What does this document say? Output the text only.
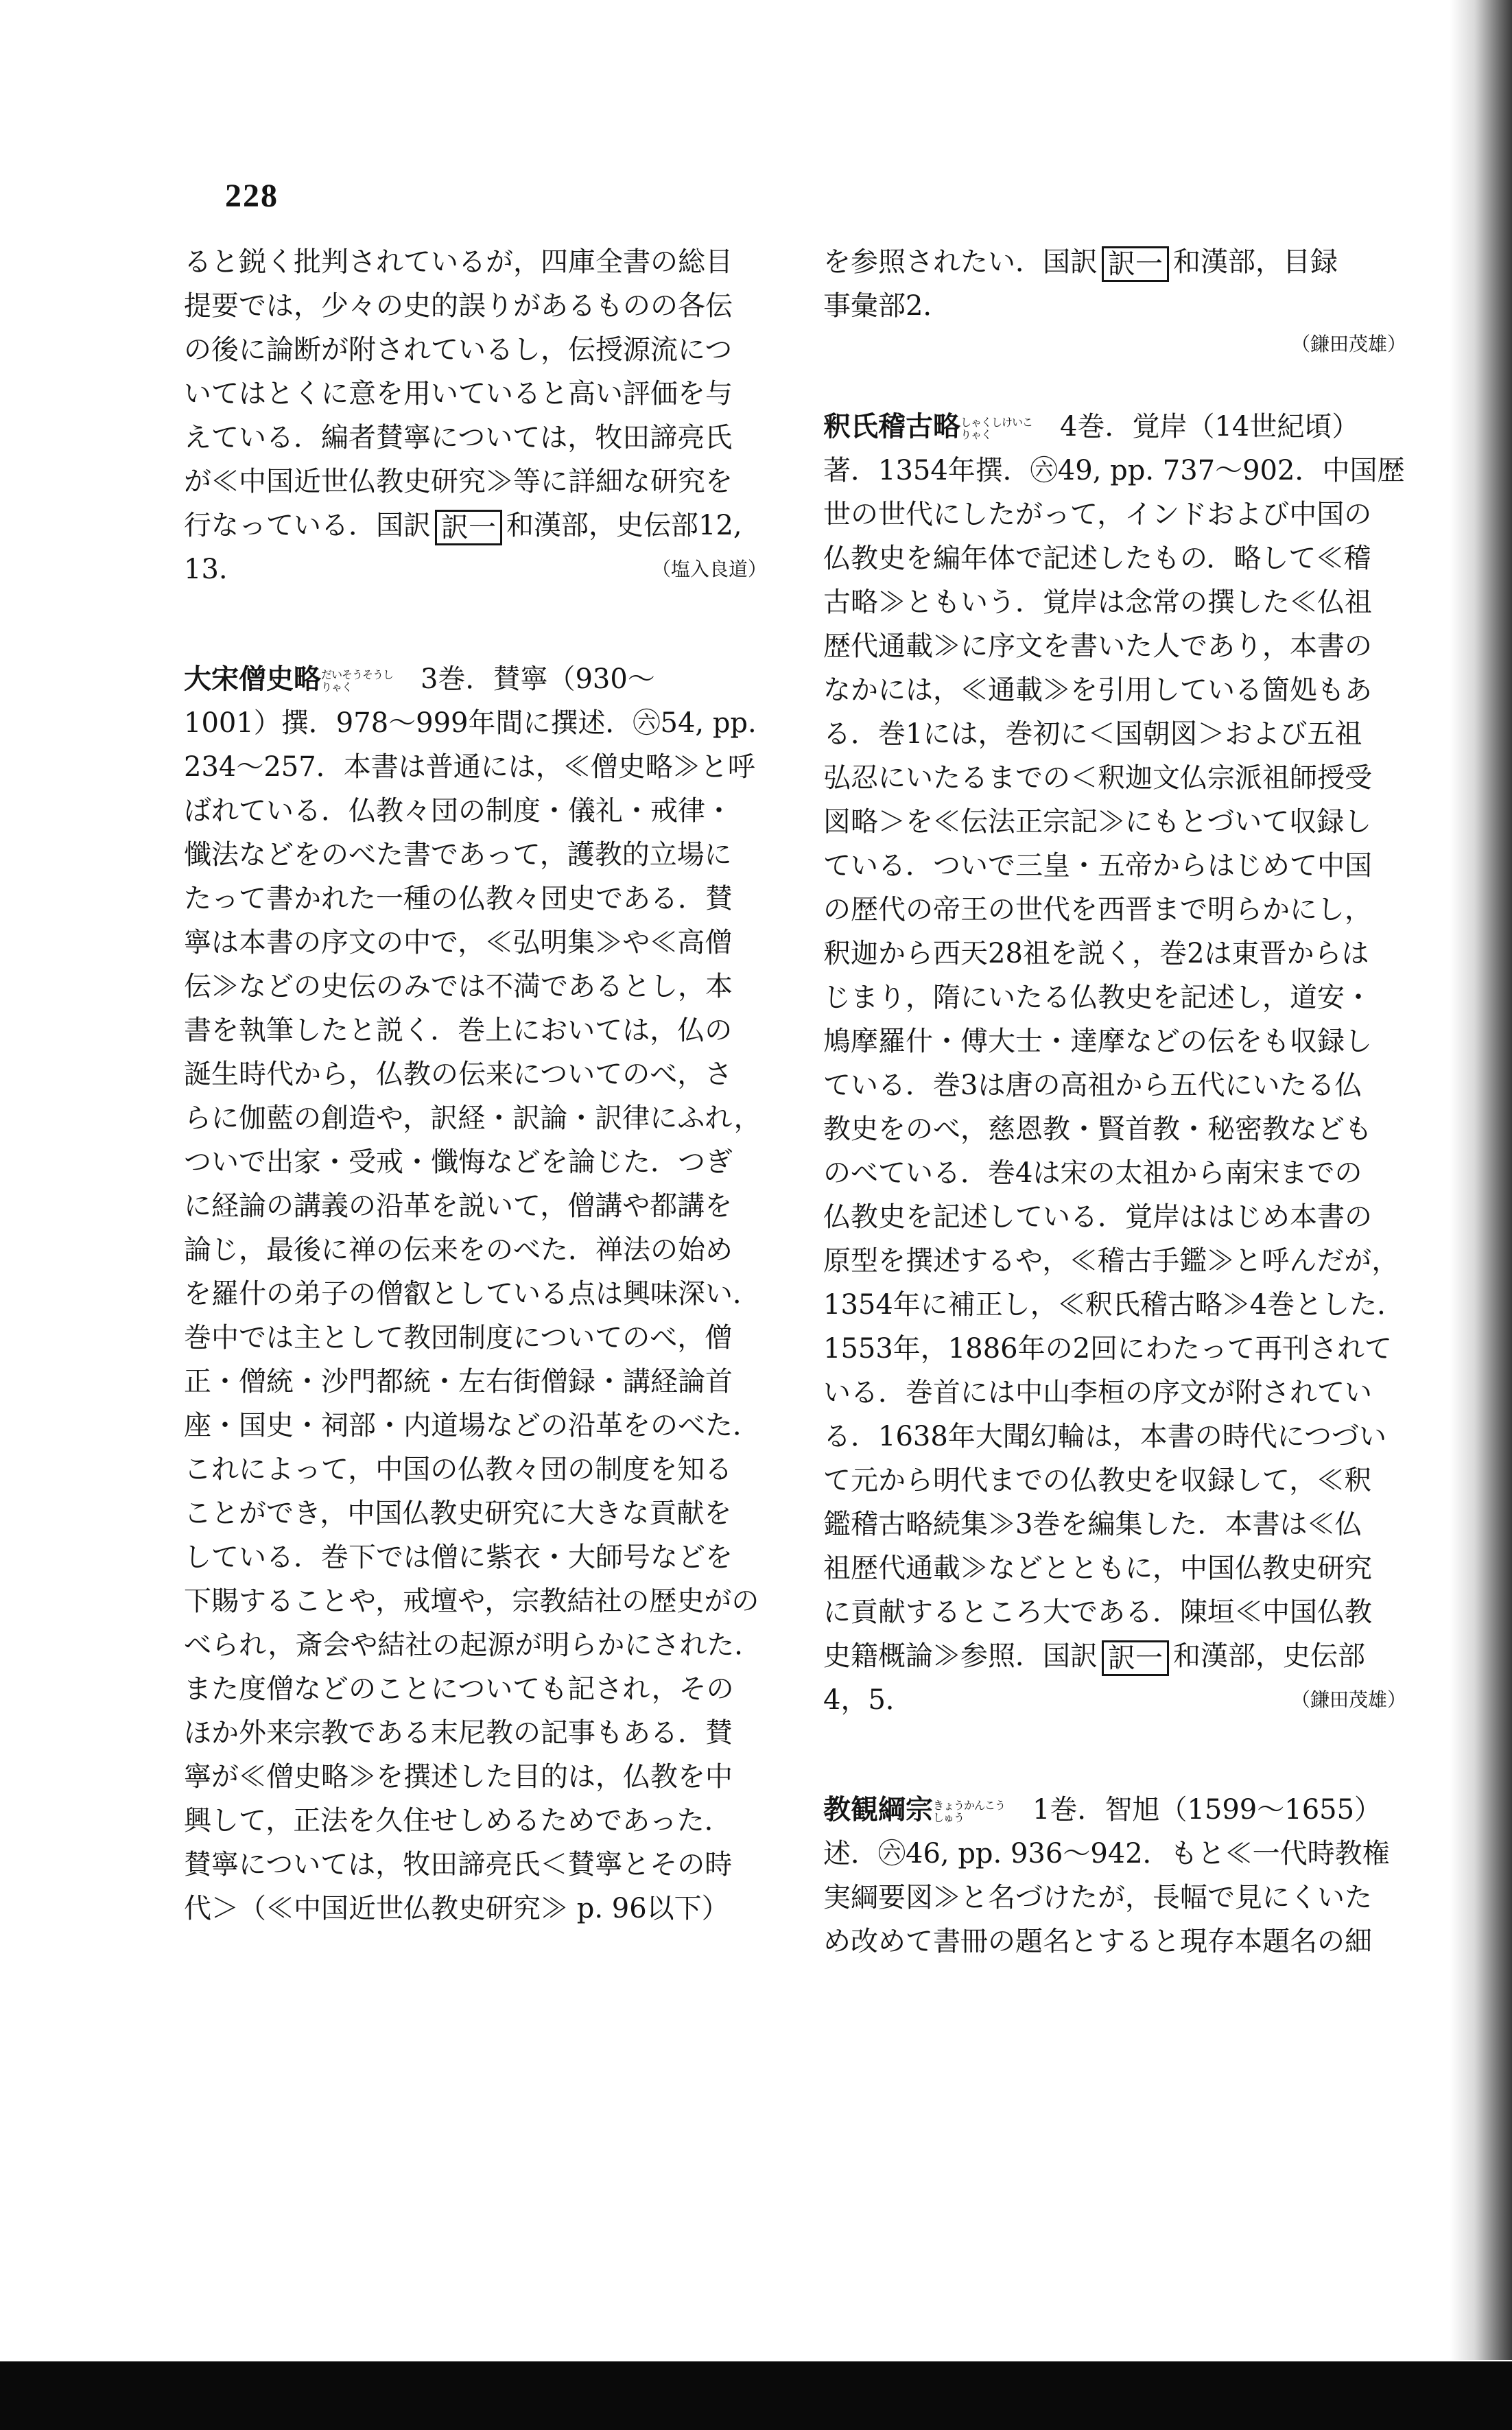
228
ると鋭く批判されているが，四庫全書の総目
提要では，少々の史的誤りがあるものの各伝
の後に論断が附されているし，伝授源流につ
いてはとくに意を用いていると高い評価を与
えている．編者賛寧については，牧田諦亮氏
が≪中国近世仏教史研究≫等に詳細な研究を
行なっている．国訳 訳一 和漢部，史伝部12,
13.	（塩入良道）
大宋僧史略だいそうそうしりゃく　3巻．賛寧（930～
1001）撰．978～999年間に撰述．㊅54, pp.
234～257．本書は普通には，≪僧史略≫と呼
ばれている．仏教々団の制度・儀礼・戒律・
懺法などをのべた書であって，護教的立場に
たって書かれた一種の仏教々団史である．賛
寧は本書の序文の中で，≪弘明集≫や≪高僧
伝≫などの史伝のみでは不満であるとし，本
書を執筆したと説く．巻上においては，仏の
誕生時代から，仏教の伝来についてのべ，さ
らに伽藍の創造や，訳経・訳論・訳律にふれ，
ついで出家・受戒・懺悔などを論じた．つぎ
に経論の講義の沿革を説いて，僧講や都講を
論じ，最後に禅の伝来をのべた．禅法の始め
を羅什の弟子の僧叡としている点は興味深い．
巻中では主として教団制度についてのべ，僧
正・僧統・沙門都統・左右街僧録・講経論首
座・国史・祠部・内道場などの沿革をのべた．
これによって，中国の仏教々団の制度を知る
ことができ，中国仏教史研究に大きな貢献を
している．巻下では僧に紫衣・大師号などを
下賜することや，戒壇や，宗教結社の歴史がの
べられ，斎会や結社の起源が明らかにされた．
また度僧などのことについても記され，その
ほか外来宗教である末尼教の記事もある．賛
寧が≪僧史略≫を撰述した目的は，仏教を中
興して，正法を久住せしめるためであった．
賛寧については，牧田諦亮氏＜賛寧とその時
代＞（≪中国近世仏教史研究≫ p. 96以下）
を参照されたい．国訳 訳一 和漢部，目録
事彙部2．
（鎌田茂雄）
釈氏稽古略しゃくしけいこりゃく　4巻．覚岸（14世紀頃）
著．1354年撰．㊅49, pp. 737～902．中国歴
世の世代にしたがって，インドおよび中国の
仏教史を編年体で記述したもの．略して≪稽
古略≫ともいう．覚岸は念常の撰した≪仏祖
歴代通載≫に序文を書いた人であり，本書の
なかには，≪通載≫を引用している箇処もあ
る．巻1には，巻初に＜国朝図＞および五祖
弘忍にいたるまでの＜釈迦文仏宗派祖師授受
図略＞を≪伝法正宗記≫にもとづいて収録し
ている．ついで三皇・五帝からはじめて中国
の歴代の帝王の世代を西晋まで明らかにし，
釈迦から西天28祖を説く，巻2は東晋からは
じまり，隋にいたる仏教史を記述し，道安・
鳩摩羅什・傅大士・達摩などの伝をも収録し
ている．巻3は唐の高祖から五代にいたる仏
教史をのべ，慈恩教・賢首教・秘密教なども
のべている．巻4は宋の太祖から南宋までの
仏教史を記述している．覚岸ははじめ本書の
原型を撰述するや，≪稽古手鑑≫と呼んだが，
1354年に補正し，≪釈氏稽古略≫4巻とした．
1553年，1886年の2回にわたって再刊されて
いる．巻首には中山李桓の序文が附されてい
る．1638年大聞幻輪は，本書の時代につづい
て元から明代までの仏教史を収録して，≪釈
鑑稽古略続集≫3巻を編集した．本書は≪仏
祖歴代通載≫などとともに，中国仏教史研究
に貢献するところ大である．陳垣≪中国仏教
史籍概論≫参照．国訳 訳一 和漢部，史伝部
4，5．	（鎌田茂雄）
教観綱宗きょうかんこうしゅう　1巻．智旭（1599～1655）
述．㊅46, pp. 936～942．もと≪一代時教権
実綱要図≫と名づけたが，長幅で見にくいた
め改めて書冊の題名とすると現存本題名の細
